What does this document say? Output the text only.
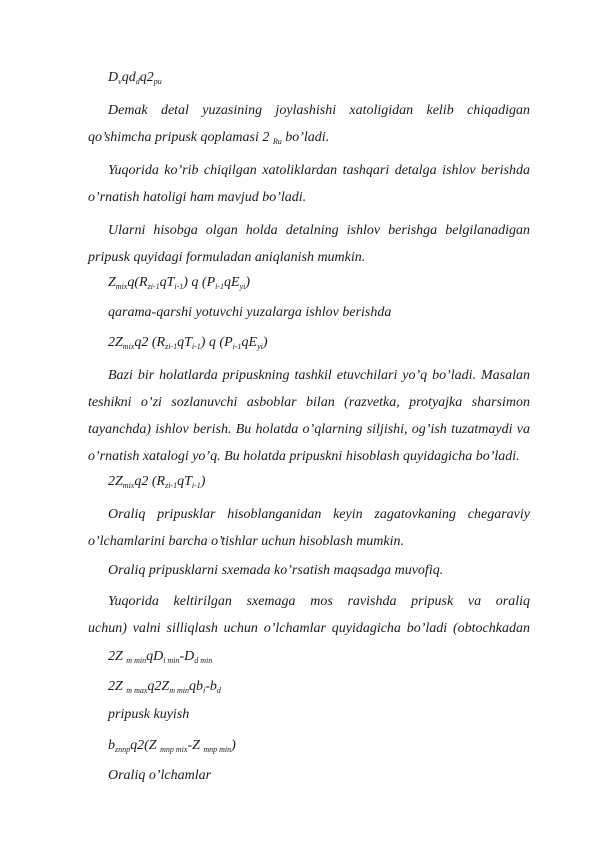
$D_vqd_dq2_{pu}$
Demak detal yuzasining joylashishi xatoligidan kelib chiqadigan
qo’shimcha pripusk qoplamasi 2 $_{Ru}$ bo’ladi.
Yuqorida ko’rib chiqilgan xatoliklardan tashqari detalga ishlov berishda
o’rnatish hatoligi ham mavjud bo’ladi.
Ularni hisobga olgan holda detalning ishlov berishga belgilanadigan
pripusk quyidagi formuladan aniqlanish mumkin.
$Z_{mix}q(R_{zi-1}qT_{i-1})$ q $(P_{i-1}qE_{yi})$
qarama-qarshi yotuvchi yuzalarga ishlov berishda
$2Z_{mix}q2$ $(R_{zi-1}qT_{i-1})$ q $(P_{i-1}qE_{yi})$
Bazi bir holatlarda pripuskning tashkil etuvchilari yo’q bo’ladi. Masalan
teshikni o’zi sozlanuvchi asboblar bilan (razvetka, protyajka sharsimon
tayanchda) ishlov berish. Bu holatda o’qlarning siljishi, og’ish tuzatmaydi va
o’rnatish xatalogi yo’q. Bu holatda pripuskni hisoblash quyidagicha bo’ladi.
$2Z_{mix}q2$ $(R_{zi-1}qT_{i-1})$
Oraliq pripusklar hisoblanganidan keyin zagatovkaning chegaraviy
o’lchamlarini barcha o’tishlar uchun hisoblash mumkin.
Oraliq pripusklarni sxemada ko’rsatish maqsadga muvofiq.
Yuqorida keltirilgan sxemaga mos ravishda pripusk va oraliq
uchun) valni silliqlash uchun o’lchamlar quyidagicha bo’ladi (obtochkadan
2Z $_{m min}qD_{i min}-D_{d min}$
2Z $_{m max}q2Z_{m min}qb_i-b_d$
pripusk kuyish
$b_{znnp}q2(Z$ $_{mnp mix}$-Z $_{mnp min}$)
Oraliq o’lchamlar
